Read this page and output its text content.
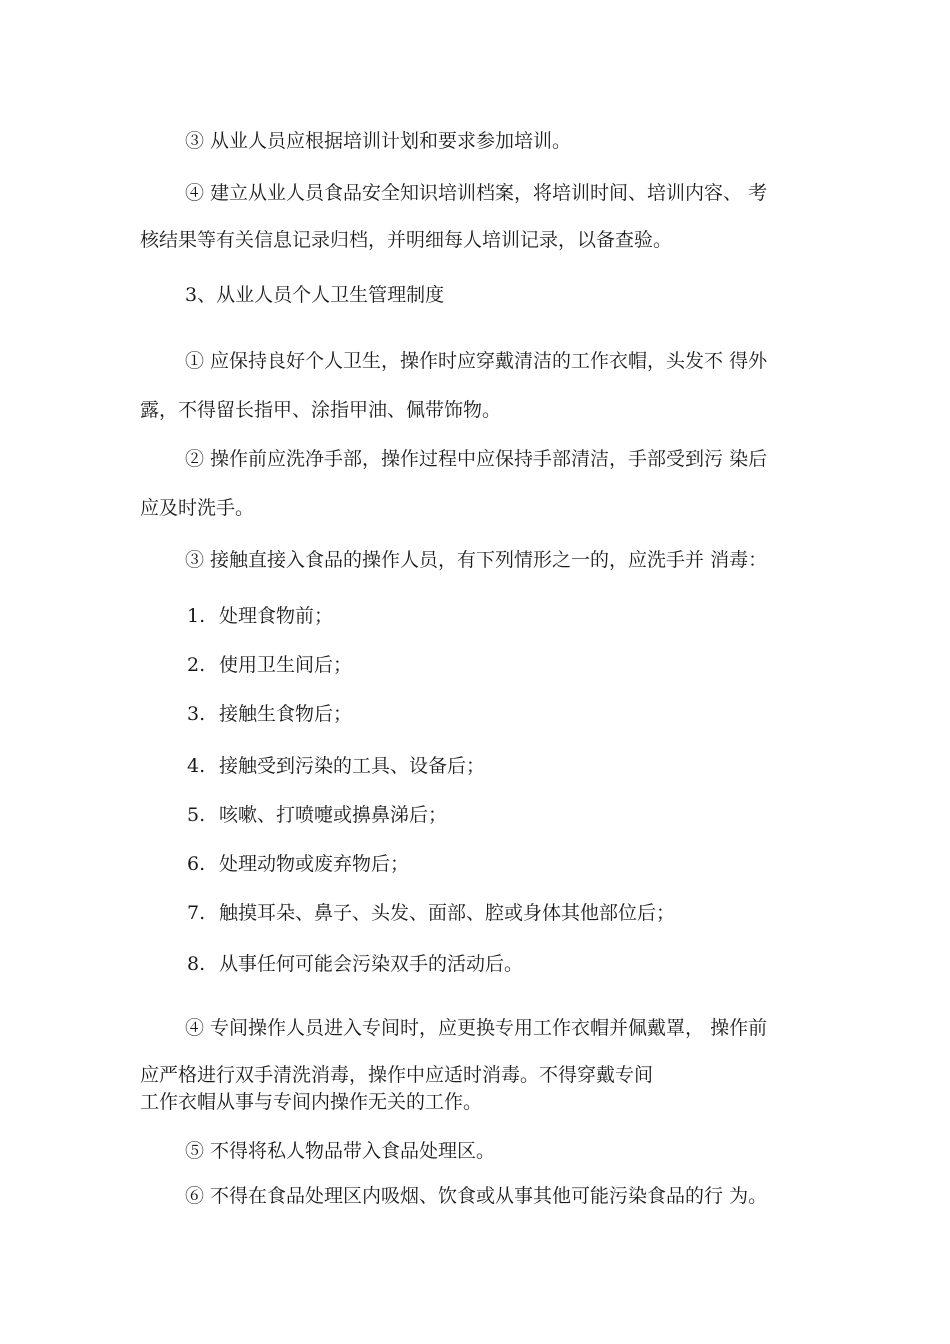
③ 从业人员应根据培训计划和要求参加培训。
④ 建立从业人员食品安全知识培训档案，将培训时间、培训内容、 考
核结果等有关信息记录归档，并明细每人培训记录，以备查验。
3、从业人员个人卫生管理制度
① 应保持良好个人卫生，操作时应穿戴清洁的工作衣帽，头发不 得外
露，不得留长指甲、涂指甲油、佩带饰物。
② 操作前应洗净手部，操作过程中应保持手部清洁，手部受到污 染后
应及时洗手。
③ 接触直接入食品的操作人员，有下列情形之一的，应洗手并 消毒：
1. 处理食物前；
2. 使用卫生间后；
3. 接触生食物后；
4. 接触受到污染的工具、设备后；
5. 咳嗽、打喷嚏或擤鼻涕后；
6. 处理动物或废弃物后；
7. 触摸耳朵、鼻子、头发、面部、腔或身体其他部位后；
8. 从事任何可能会污染双手的活动后。
④ 专间操作人员进入专间时，应更换专用工作衣帽并佩戴罩， 操作前
应严格进行双手清洗消毒，操作中应适时消毒。不得穿戴专间
工作衣帽从事与专间内操作无关的工作。
⑤ 不得将私人物品带入食品处理区。
⑥ 不得在食品处理区内吸烟、饮食或从事其他可能污染食品的行 为。
